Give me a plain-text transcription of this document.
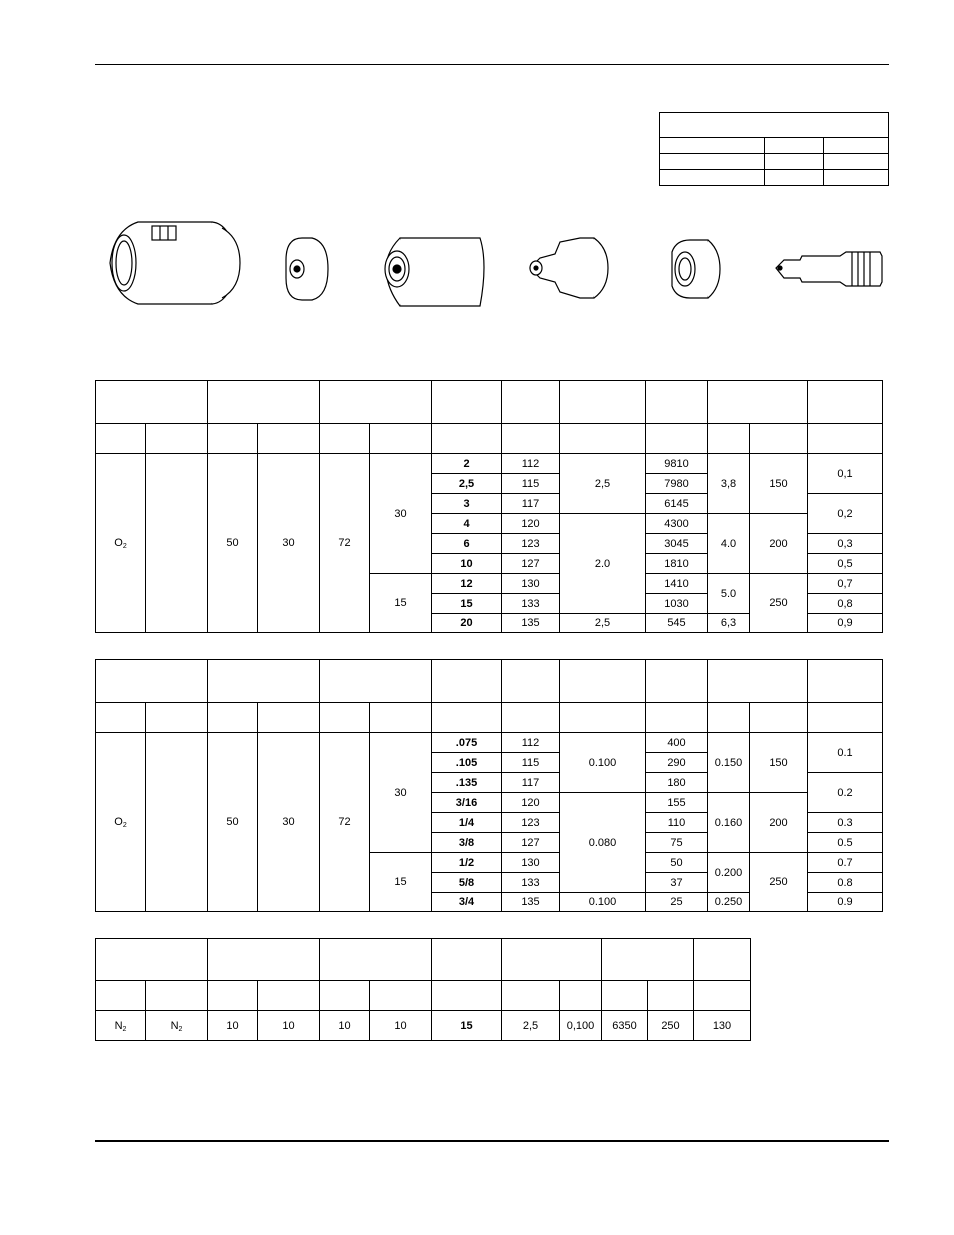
O2		50	30	72	30	2	112	2,5	9810	3,8	150	0,1
						2,5	115		7980			
						3	117		6145			0,2
						4	120	2.0	4300	4.0	200	
						6	123		3045			0,3
						10	127		1810			0,5
					15	12	130		1410	5.0	250	0,7
						15	133		1030			0,8
						20	135	2,5	545	6,3		0,9

O2		50	30	72	30	.075	112	0.100	400	0.150	150	0.1
						.105	115		290			
						.135	117		180			0.2
						3/16	120	0.080	155	0.160	200	
						1/4	123		110			0.3
						3/8	127		75			0.5
					15	1/2	130		50	0.200	250	0.7
						5/8	133		37			0.8
						3/4	135	0.100	25	0.250		0.9

N2	N2	10	10	10	10	15	2,5	0,100	6350	250	130
